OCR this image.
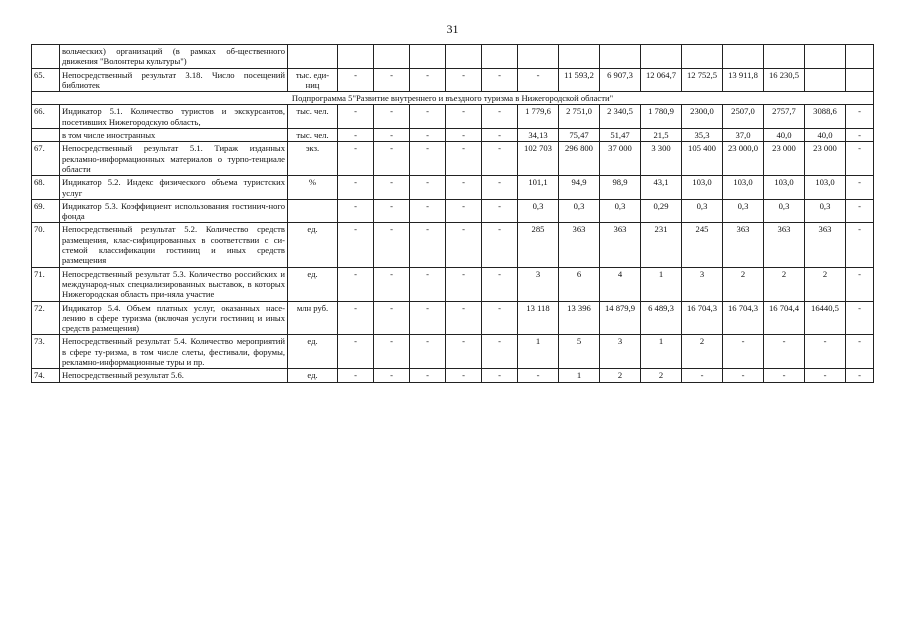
31
	вольческих) организаций (в рамках об-щественного движения "Волонтеры культуры")															
65.	Непосредственный результат 3.18. Число посещений библиотек	тыс. еди-ниц	-	-	-	-	-	-	11 593,2	6 907,3	12 064,7	12 752,5	13 911,8	16 230,5		
Подпрограмма 5"Развитие внутреннего и въездного туризма в Нижегородской области"																
66.	Индикатор 5.1. Количество туристов и экскурсантов, посетивших Нижегородскую область,	тыс. чел.	-	-	-	-	-	1 779,6	2 751,0	2 340,5	1 780,9	2300,0	2507,0	2757,7	3088,6	-
	в том числе иностранных	тыс. чел.	-	-	-	-	-	34,13	75,47	51,47	21,5	35,3	37,0	40,0	40,0	-
67.	Непосредственный результат 5.1. Тираж изданных рекламно-информационных материалов о турпо-тенциале области	экз.	-	-	-	-	-	102 703	296 800	37 000	3 300	105 400	23 000,0	23 000	23 000	-
68.	Индикатор 5.2. Индекс физического объема туристских услуг	%	-	-	-	-	-	101,1	94,9	98,9	43,1	103,0	103,0	103,0	103,0	-
69.	Индикатор 5.3. Коэффициент использования гостинич-ного фонда		-	-	-	-	-	0,3	0,3	0,3	0,29	0,3	0,3	0,3	0,3	-
70.	Непосредственный результат 5.2. Количество средств размещения, клас-сифицированных в соответствии с си-стемой классификации гостиниц и иных средств размещения	ед.	-	-	-	-	-	285	363	363	231	245	363	363	363	-
71.	Непосредственный результат 5.3. Количество российских и международ-ных специализированных выставок, в которых Нижегородская область при-няла участие	ед.	-	-	-	-	-	3	6	4	1	3	2	2	2	-
72.	Индикатор 5.4. Объем платных услуг, оказанных насе-лению в сфере туризма (включая услуги гостиниц и иных средств размещения)	млн руб.	-	-	-	-	-	13 118	13 396	14 879,9	6 489,3	16 704,3	16 704,3	16 704,4	16440,5	-
73.	Непосредственный результат 5.4. Количество мероприятий в сфере ту-ризма, в том числе слеты, фестивали, форумы, рекламно-информационные туры и пр.	ед.	-	-	-	-	-	1	5	3	1	2	-	-	-	-
74.	Непосредственный результат 5.6.	ед.	-	-	-	-	-	-	1	2	2	-	-	-	-	-
